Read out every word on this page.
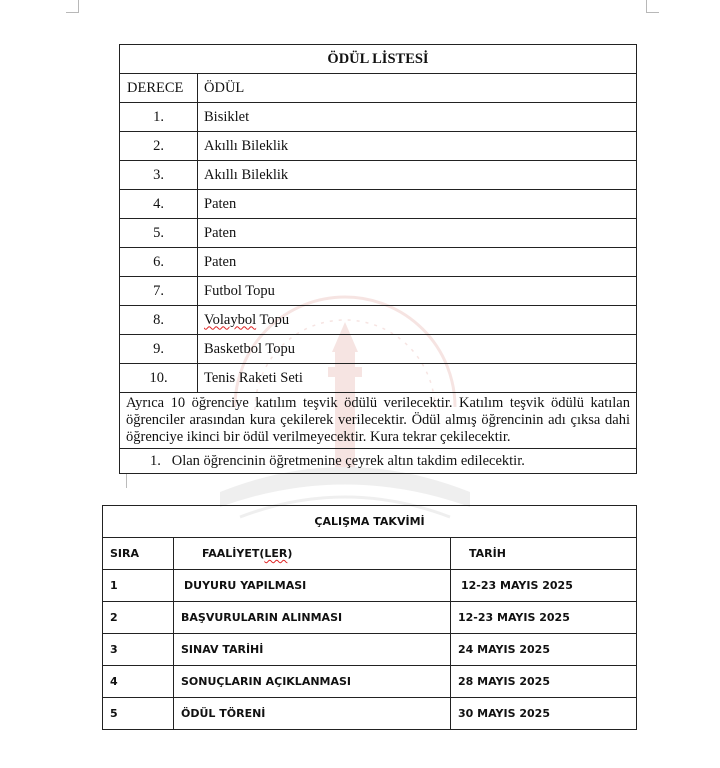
ÖDÜL LİSTESİ	
DERECE	ÖDÜL
1.	Bisiklet
2.	Akıllı Bileklik
3.	Akıllı Bileklik
4.	Paten
5.	Paten
6.	Paten
7.	Futbol Topu
8.	Volaybol Topu
9.	Basketbol Topu
10.	Tenis Raketi Seti
Ayrıca 10 öğrenciye katılım teşvik ödülü verilecektir. Katılım teşvik ödülü katılan öğrenciler arasından kura çekilerek verilecektir. Ödül almış öğrencinin adı çıksa dahi öğrenciye ikinci bir ödül verilmeyecektir. Kura tekrar çekilecektir.	
1. Olan öğrencinin öğretmenine çeyrek altın takdim edilecektir.	
ÇALIŞMA TAKVİMİ		
SIRA	FAALİYET(LER)	TARİH
1	DUYURU YAPILMASI	12-23 MAYIS 2025
2	BAŞVURULARIN ALINMASI	12-23 MAYIS 2025
3	SINAV TARİHİ	24 MAYIS 2025
4	SONUÇLARIN AÇIKLANMASI	28 MAYIS 2025
5	ÖDÜL TÖRENİ	30 MAYIS 2025
